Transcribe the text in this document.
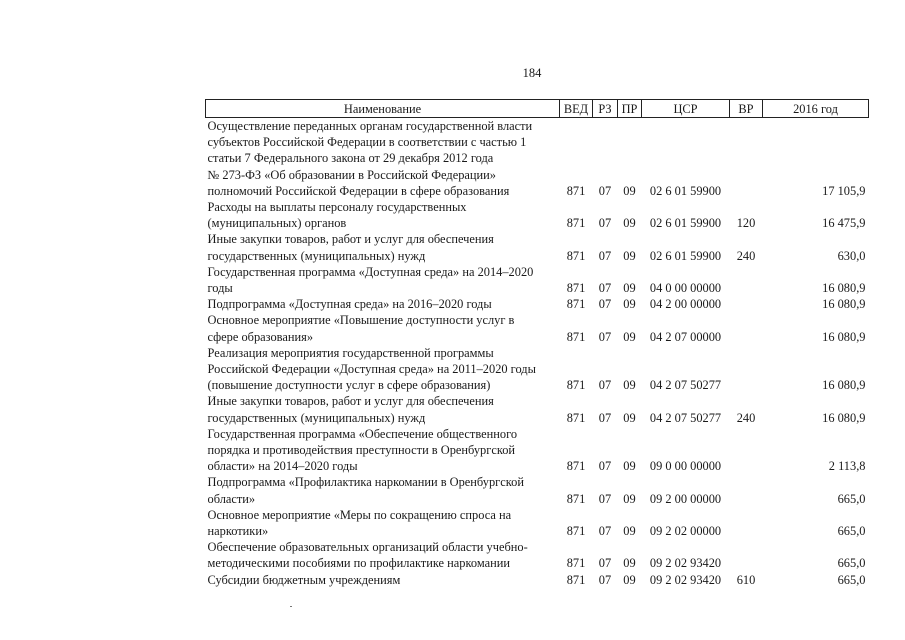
184
Наименование	ВЕД	РЗ	ПР	ЦСР	ВР	2016 год

Осуществление переданных органам государственной власти
субъектов Российской Федерации в соответствии с частью 1
статьи 7 Федерального закона от 29 декабря 2012 года
№ 273-ФЗ «Об образовании в Российской Федерации»
полномочий Российской Федерации в сфере образования	871	07	09	02 6 01 59900		17 105,9

Расходы на выплаты персоналу государственных
(муниципальных) органов	871	07	09	02 6 01 59900	120	16 475,9

Иные закупки товаров, работ и услуг для обеспечения
государственных (муниципальных) нужд	871	07	09	02 6 01 59900	240	630,0

Государственная программа «Доступная среда» на 2014–2020
годы	871	07	09	04 0 00 00000		16 080,9

Подпрограмма «Доступная среда» на 2016–2020 годы	871	07	09	04 2 00 00000		16 080,9

Основное мероприятие «Повышение доступности услуг в
сфере образования»	871	07	09	04 2 07 00000		16 080,9

Реализация мероприятия государственной программы
Российской Федерации «Доступная среда» на 2011–2020 годы
(повышение доступности услуг в сфере образования)	871	07	09	04 2 07 50277		16 080,9

Иные закупки товаров, работ и услуг для обеспечения
государственных (муниципальных) нужд	871	07	09	04 2 07 50277	240	16 080,9

Государственная программа «Обеспечение общественного
порядка и противодействия преступности в Оренбургской
области» на 2014–2020 годы	871	07	09	09 0 00 00000		2 113,8

Подпрограмма «Профилактика наркомании в Оренбургской
области»	871	07	09	09 2 00 00000		665,0

Основное мероприятие «Меры по сокращению спроса на
наркотики»	871	07	09	09 2 02 00000		665,0

Обеспечение образовательных организаций области учебно-
методическими пособиями по профилактике наркомании	871	07	09	09 2 02 93420		665,0

Субсидии бюджетным учреждениям	871	07	09	09 2 02 93420	610	665,0
